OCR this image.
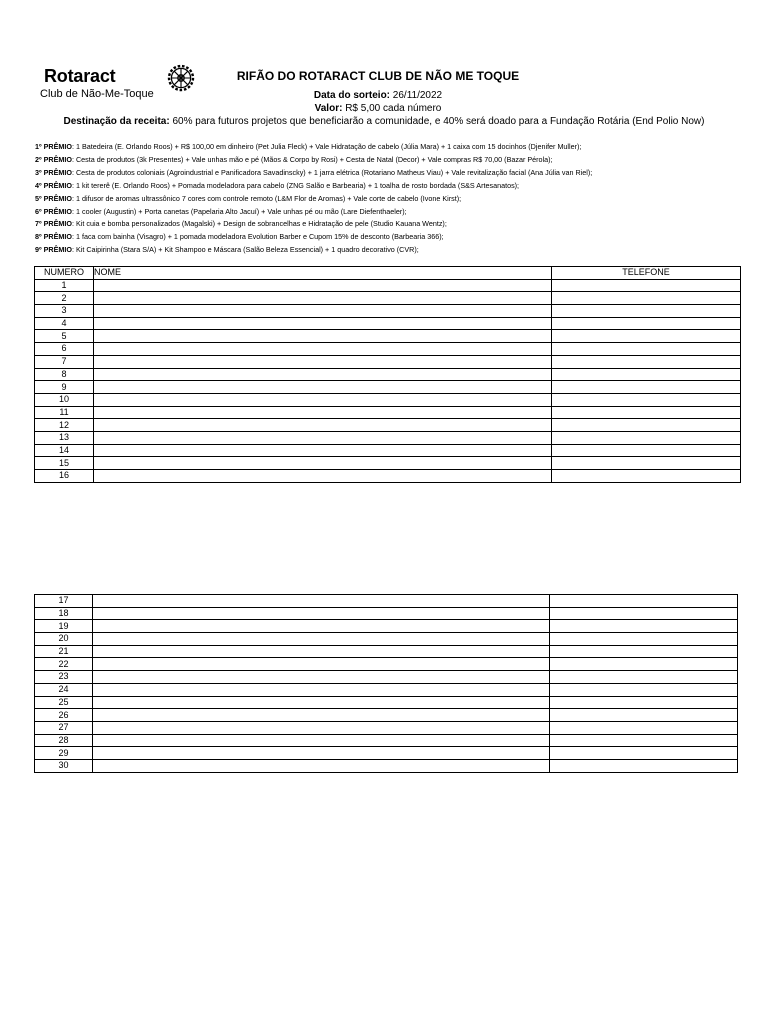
Rotaract
Club de Não-Me-Toque
RIFÃO DO ROTARACT CLUB DE NÃO ME TOQUE
Data do sorteio: 26/11/2022
Valor: R$ 5,00 cada número
Destinação da receita: 60% para futuros projetos que beneficiarão a comunidade, e 40% será doado para a Fundação Rotária (End Polio Now)
1º PRÊMIO: 1 Batedeira (E. Orlando Roos) + R$ 100,00 em dinheiro (Pet Julia Fleck) + Vale Hidratação de cabelo (Júlia Mara) + 1 caixa com 15 docinhos (Djenifer Muller);
2º PRÊMIO: Cesta de produtos (3k Presentes) + Vale unhas mão e pé (Mãos & Corpo by Rosi) + Cesta de Natal (Decor) + Vale compras R$ 70,00 (Bazar Pérola);
3º PRÊMIO: Cesta de produtos coloniais (Agroindustrial e Panificadora Savadinscky) + 1 jarra elétrica (Rotariano Matheus Viau) + Vale revitalização facial (Ana Júlia van Riel);
4º PRÊMIO: 1 kit tererê (E. Orlando Roos) + Pomada modeladora para cabelo (ZNG Salão e Barbearia) + 1 toalha de rosto bordada (S&S Artesanatos);
5º PRÊMIO: 1 difusor de aromas ultrassônico 7 cores com controle remoto (L&M Flor de Aromas) + Vale corte de cabelo (Ivone Kirst);
6º PRÊMIO: 1 cooler (Augustin) + Porta canetas (Papelaria Alto Jacuí) + Vale unhas pé ou mão (Lare Diefenthaeler);
7º PRÊMIO: Kit cuia e bomba personalizados (Magalski) + Design de sobrancelhas e Hidratação de pele (Studio Kauana Wentz);
8º PRÊMIO: 1 faca com bainha (Visagro) + 1 pomada modeladora Evolution Barber e Cupom 15% de desconto (Barbearia 366);
9º PRÊMIO: Kit Caipirinha (Stara S/A) + Kit Shampoo e Máscara (Salão Beleza Essencial) + 1 quadro decorativo (CVR);
NUMERO	NOME	TELEFONE
1		
2		
3		
4		
5		
6		
7		
8		
9		
10		
11		
12		
13		
14		
15		
16		
17		
18		
19		
20		
21		
22		
23		
24		
25		
26		
27		
28		
29		
30		
